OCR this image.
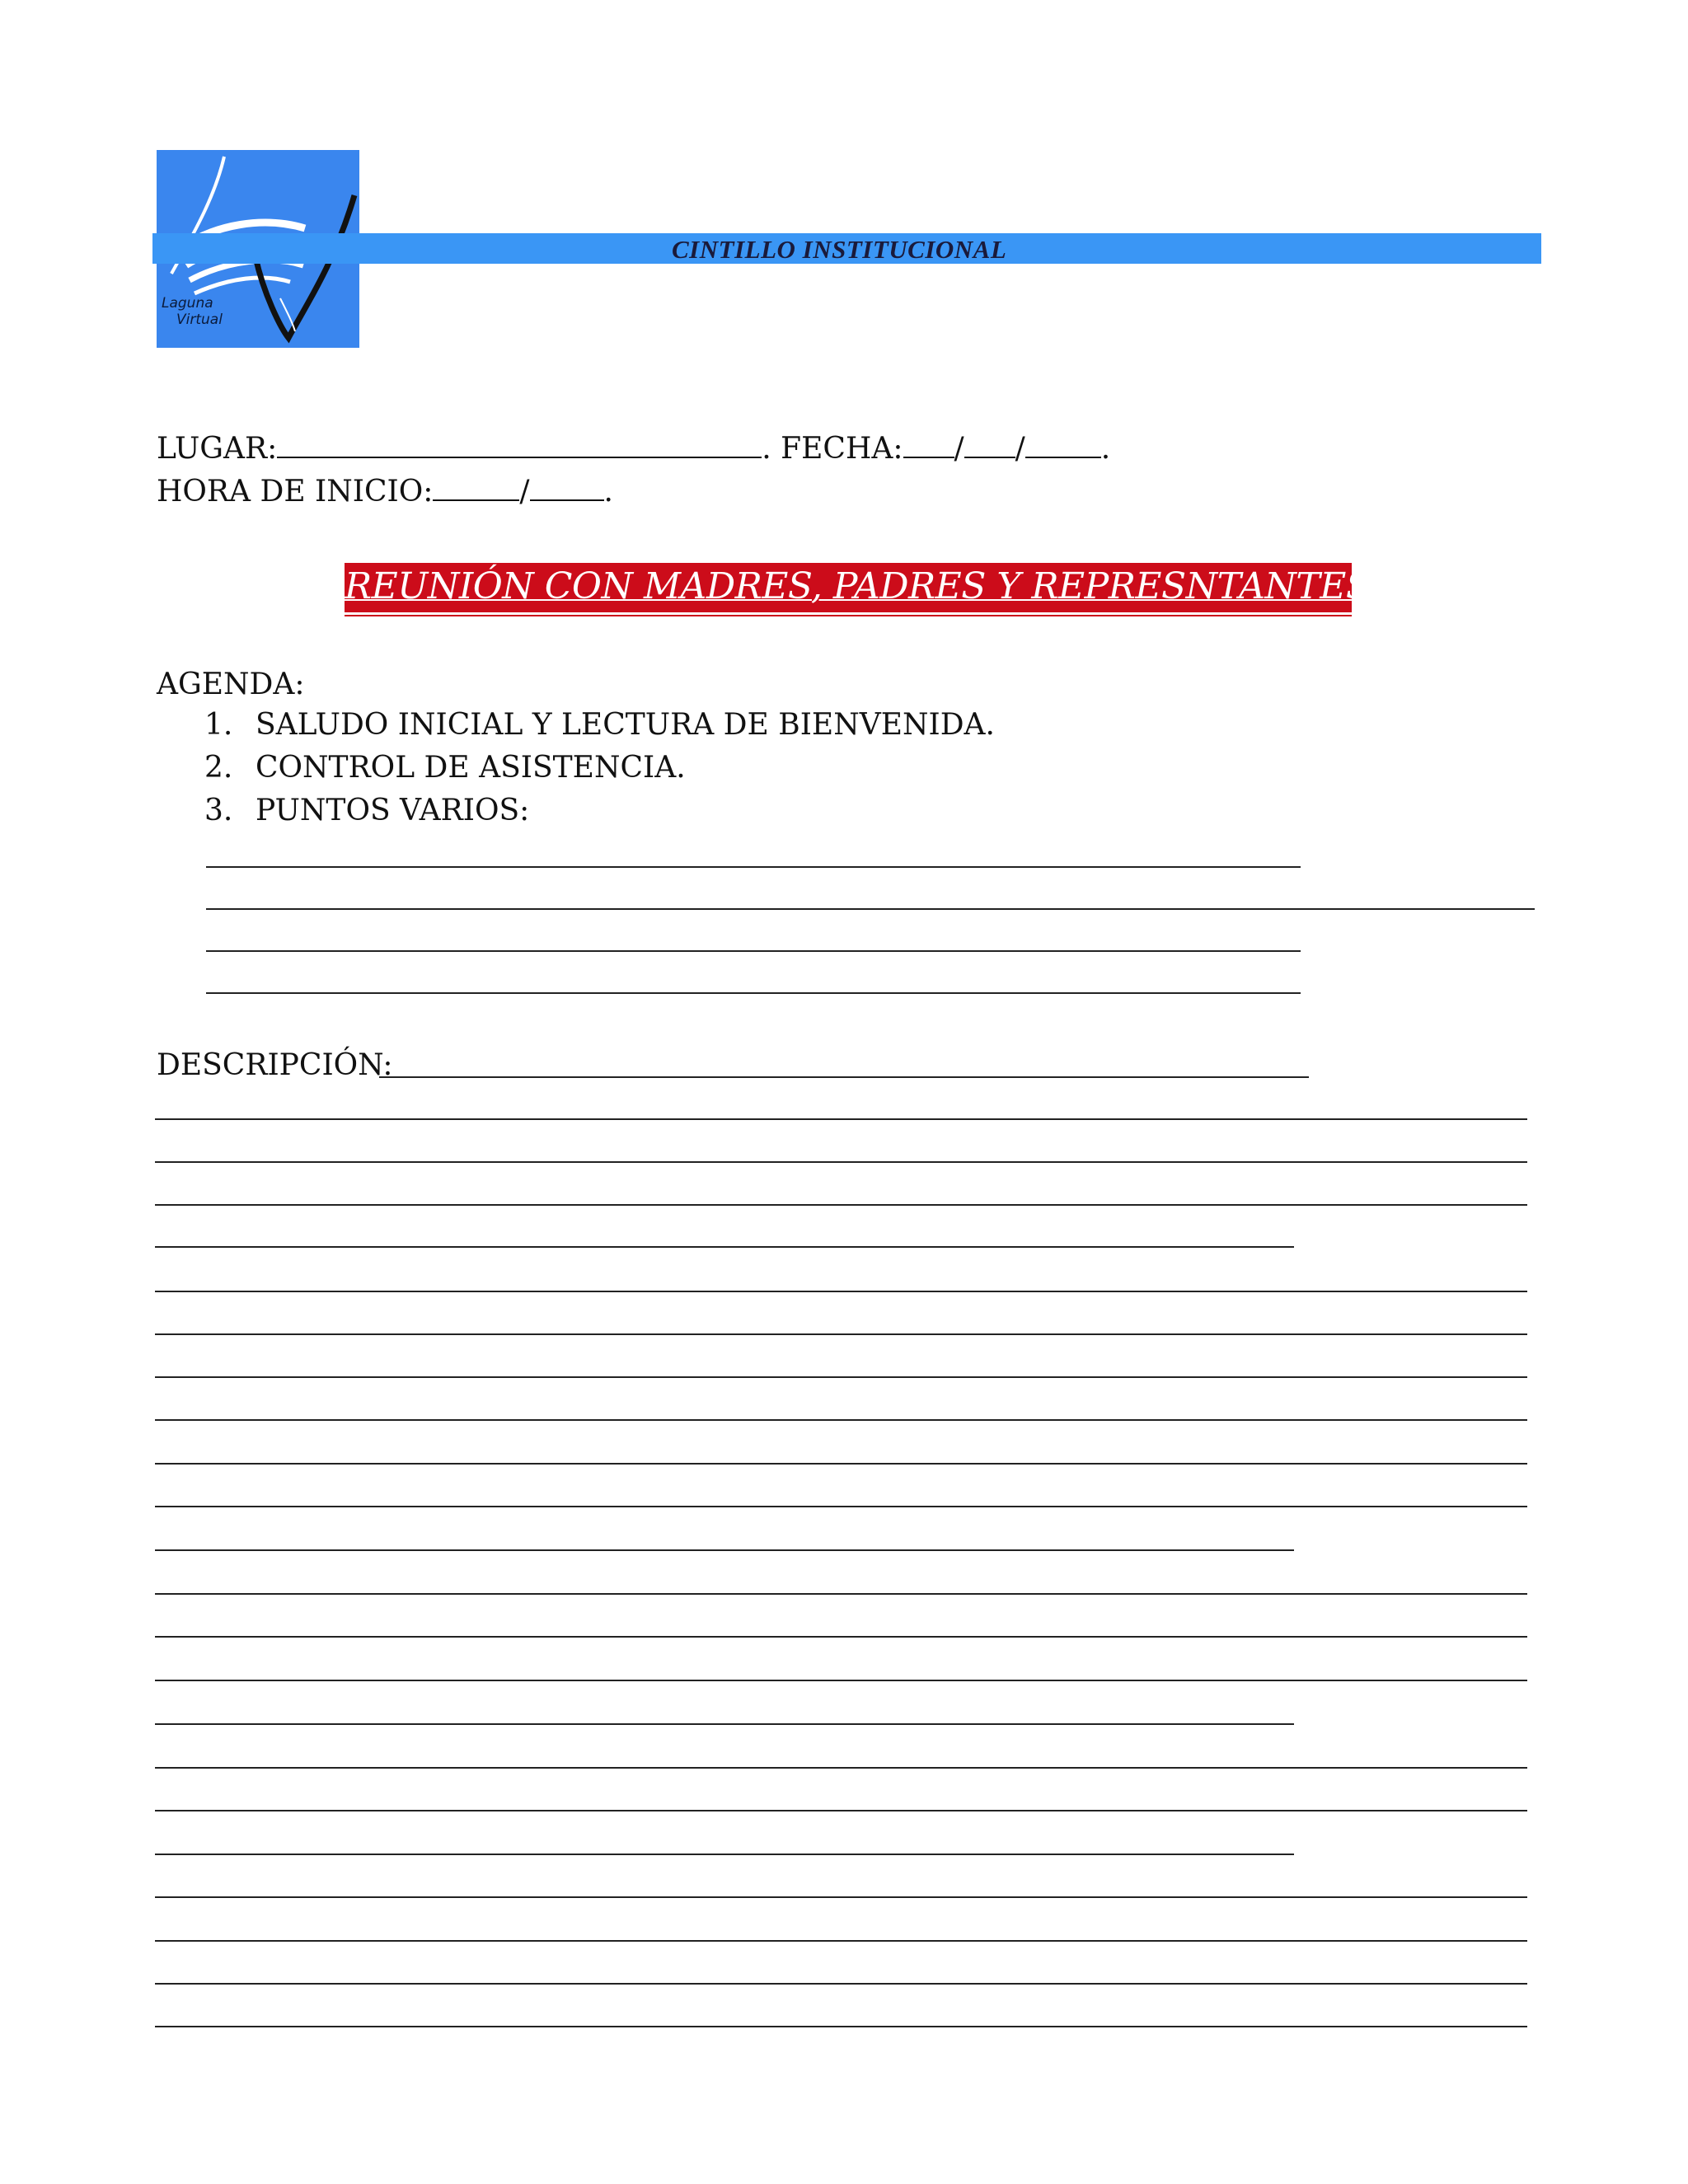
Laguna
Virtual
CINTILLO INSTITUCIONAL
LUGAR:	. FECHA: / /	.
HORA DE INICIO:	/	.
REUNIÓN CON MADRES, PADRES Y REPRESNTANTES
AGENDA:
1. SALUDO INICIAL Y LECTURA DE BIENVENIDA.
2. CONTROL DE ASISTENCIA.
3. PUNTOS VARIOS:
DESCRIPCIÓN:
